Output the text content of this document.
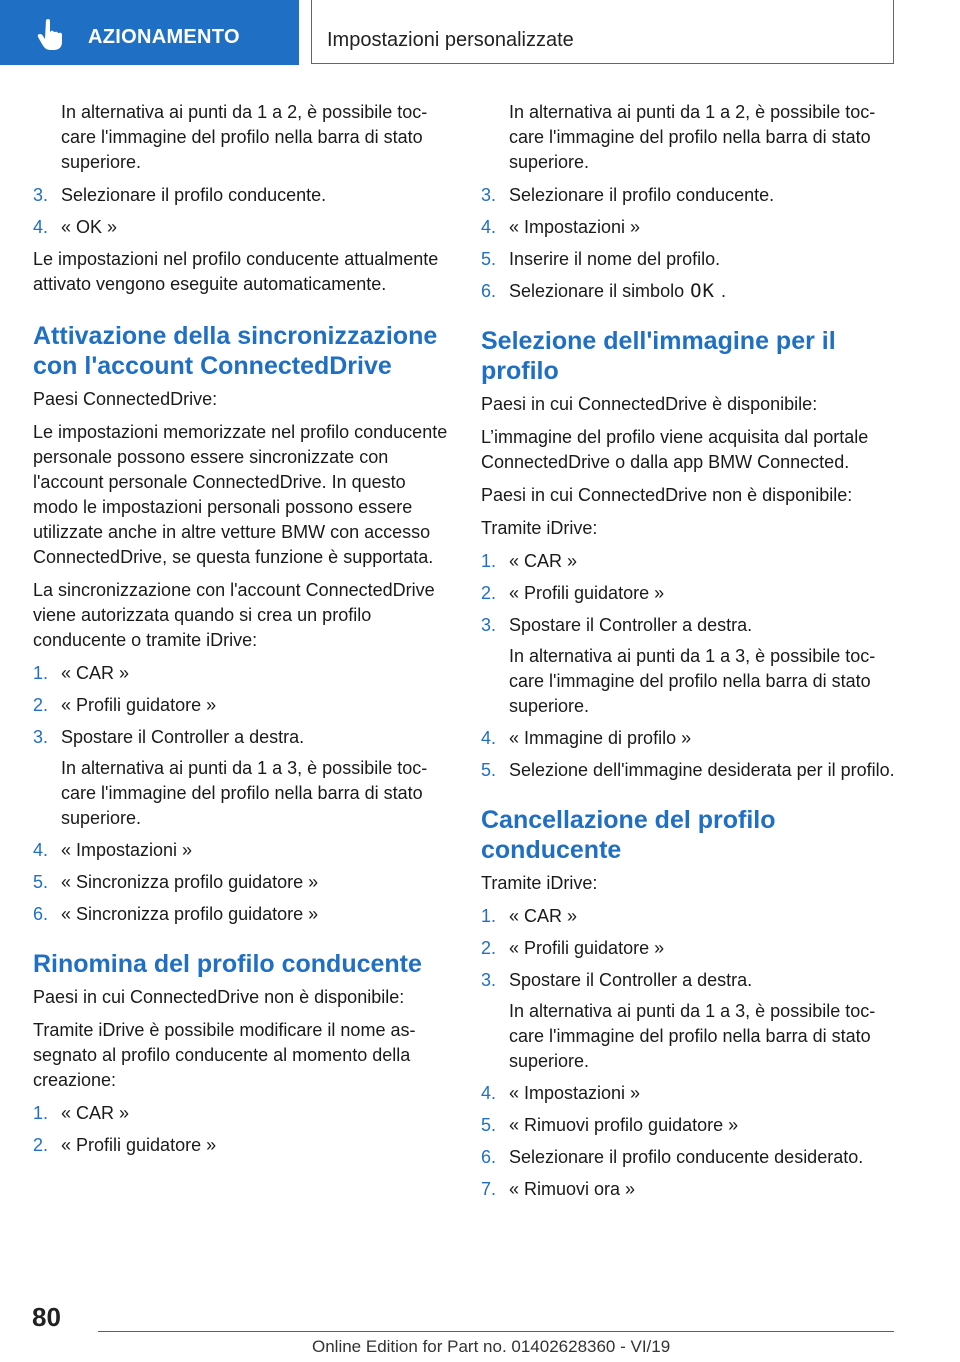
AZIONAMENTO	Impostazioni personalizzate

In alternativa ai punti da 1 a 2, è possibile toccare l'immagine del profilo nella barra di stato superiore.

3. Selezionare il profilo conducente.
4. « OK »

Le impostazioni nel profilo conducente attualmente attivato vengono eseguite automaticamente.

Attivazione della sincronizzazione con l'account ConnectedDrive

Paesi ConnectedDrive:

Le impostazioni memorizzate nel profilo conducente personale possono essere sincronizzate con l'account personale ConnectedDrive. In questo modo le impostazioni personali possono essere utilizzate anche in altre vetture BMW con accesso ConnectedDrive, se questa funzione è supportata.

La sincronizzazione con l'account ConnectedDrive viene autorizzata quando si crea un profilo conducente o tramite iDrive:

1. « CAR »
2. « Profili guidatore »
3. Spostare il Controller a destra.
In alternativa ai punti da 1 a 3, è possibile toccare l'immagine del profilo nella barra di stato superiore.
4. « Impostazioni »
5. « Sincronizza profilo guidatore »
6. « Sincronizza profilo guidatore »
Rinomina del profilo conducente

Paesi in cui ConnectedDrive non è disponibile:

Tramite iDrive è possibile modificare il nome assegnato al profilo conducente al momento della creazione:

1. « CAR »
2. « Profili guidatore »

In alternativa ai punti da 1 a 2, è possibile toccare l'immagine del profilo nella barra di stato superiore.

3. Selezionare il profilo conducente.
4. « Impostazioni »
5. Inserire il nome del profilo.
6. Selezionare il simbolo OK .
Selezione dell'immagine per il profilo

Paesi in cui ConnectedDrive è disponibile:

L’immagine del profilo viene acquisita dal portale ConnectedDrive o dalla app BMW Connected.

Paesi in cui ConnectedDrive non è disponibile:

Tramite iDrive:

1. « CAR »
2. « Profili guidatore »
3. Spostare il Controller a destra.
In alternativa ai punti da 1 a 3, è possibile toccare l'immagine del profilo nella barra di stato superiore.
4. « Immagine di profilo »
5. Selezione dell'immagine desiderata per il profilo.
Cancellazione del profilo conducente

Tramite iDrive:

1. « CAR »
2. « Profili guidatore »
3. Spostare il Controller a destra.
In alternativa ai punti da 1 a 3, è possibile toccare l'immagine del profilo nella barra di stato superiore.
4. « Impostazioni »
5. « Rimuovi profilo guidatore »
6. Selezionare il profilo conducente desiderato.
7. « Rimuovi ora »
80
Online Edition for Part no. 01402628360 - VI/19
